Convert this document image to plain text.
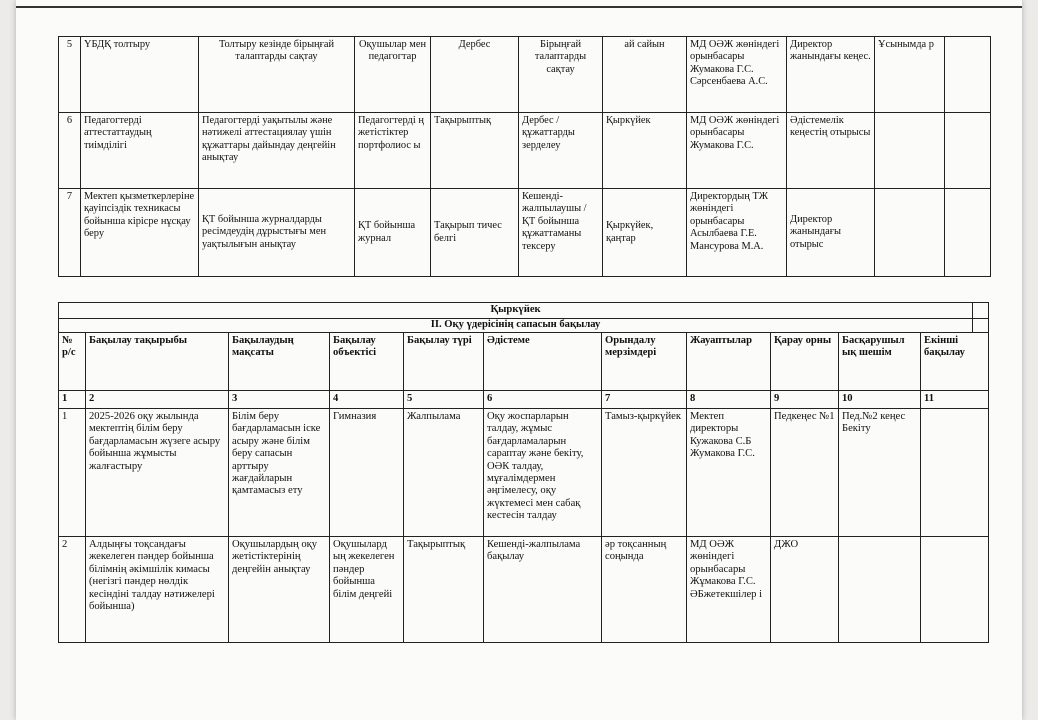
5	ҮБДҚ толтыру	Толтыру кезінде бірыңғай талаптарды сақтау	Оқушылар мен педагогтар	Дербес	Бірыңғай талаптарды сақтау	ай сайын	МД ОӘЖ жөніндегі орынбасары Жумакова Г.С. Сәрсенбаева А.С.	Директор жанындағы кеңес.	Ұсынымда р	
6	Педагогтерді аттестаттаудың тиімділігі	Педагогтерді уақытылы және нәтижелі аттестациялау үшін құжаттары дайындау деңгейін анықтау	Педагогтерді ң жетістіктер портфолиос ы	Тақырыптық	Дербес / құжаттарды зерделеу	Қыркүйек	МД ОӘЖ жөніндегі орынбасары Жумакова Г.С.	Әдістемелік кеңестің отырысы		
7	Мектеп қызметкерлеріне қауіпсіздік техникасы бойынша кірісpе нұсқау беру	ҚТ бойынша журналдарды ресімдеудің дұрыстығы мен уақтылығын анықтау	ҚТ бойынша журнал	Тақырып тичес белгі	Кешенді-жалпылаушы / ҚТ бойынша құжаттаманы тексеру	Қыркүйек, қаңтар	Директордың ТЖ жөніндегі орынбасары Асылбаева Г.Е. Мансурова М.А.	Директор жанындағы отырыс		
Қыркүйек											
ІІ. Оқу үдерісінің сапасын бақылау											
№ р/с	Бақылау тақырыбы	Бақылаудың мақсаты	Бақылау объектісі	Бақылау түрі	Әдістеме	Орындалу мерзімдері	Жауаптылар	Қарау орны	Басқарушыл ық шешім	Екінші бақылау	
1	2	3	4	5	6	7	8	9	10	11	
1	2025-2026 оқу жылында мектептің білім беру бағдарламасын жүзеге асыру бойынша жұмысты жалғастыру	Білім беру бағдарламасын іске асыру және білім беру сапасын арттыру жағдайларын қамтамасыз ету	Гимназия	Жалпылама	Оқу жоспарларын талдау, жұмыс бағдарламаларын сараптау және бекіту, ОӘК талдау, мұғалімдермен әңгімелесу, оқу жүктемесі мен сабақ кестесін талдау	Тамыз-қыркүйек	Мектеп директоры Кужакова С.Б Жумакова Г.С.	Педкеңес №1	Пед.№2 кеңес Бекіту		
2	Алдыңғы тоқсандағы жекелеген пәндер бойынша білімнің әкімшілік кимасы (негізгі пәндер нөлдік кесіндіні талдау нәтижелері бойынша)	Оқушылардың оқу жетістіктерінің деңгейін анықтау	Оқушылард ың жекелеген пәндер бойынша білім деңгейі	Тақырыптық	Кешенді-жалпылама бақылау	әр тоқсанның соңында	МД ОӘЖ жөніндегі орынбасары Жұмакова Г.С. ӘБжетекшілер і	ДЖО			
